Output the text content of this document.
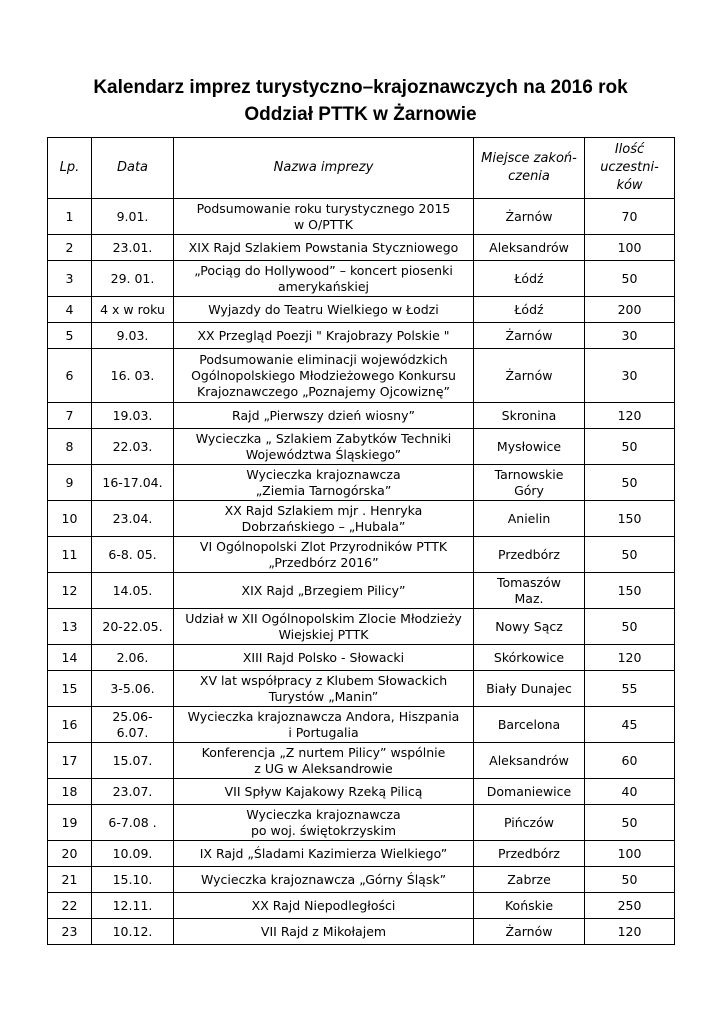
Kalendarz imprez turystyczno–krajoznawczych na 2016 rok
Oddział PTTK w Żarnowie
Lp.	Data	Nazwa imprezy	Miejsce zakoń-
czenia	Ilość
uczestni-
ków
1	9.01.	Podsumowanie roku turystycznego 2015
w O/PTTK	Żarnów	70
2	23.01.	XIX Rajd Szlakiem Powstania Styczniowego	Aleksandrów	100
3	29. 01.	„Pociąg do Hollywood” – koncert piosenki
amerykańskiej	Łódź	50
4	4 x w roku	Wyjazdy do Teatru Wielkiego w Łodzi	Łódź	200
5	9.03.	XX Przegląd Poezji " Krajobrazy Polskie "	Żarnów	30
6	16. 03.	Podsumowanie eliminacji wojewódzkich
Ogólnopolskiego Młodzieżowego Konkursu
Krajoznawczego „Poznajemy Ojcowiznę”	Żarnów	30
7	19.03.	Rajd „Pierwszy dzień wiosny”	Skronina	120
8	22.03.	Wycieczka „ Szlakiem Zabytków Techniki
Województwa Śląskiego”	Mysłowice	50
9	16-17.04.	Wycieczka krajoznawcza
„Ziemia Tarnogórska”	Tarnowskie
Góry	50
10	23.04.	XX Rajd Szlakiem mjr . Henryka
Dobrzańskiego – „Hubala”	Anielin	150
11	6-8. 05.	VI Ogólnopolski Zlot Przyrodników PTTK
„Przedbórz 2016”	Przedbórz	50
12	14.05.	XIX Rajd „Brzegiem Pilicy”	Tomaszów
Maz.	150
13	20-22.05.	Udział w XII Ogólnopolskim Zlocie Młodzieży
Wiejskiej PTTK	Nowy Sącz	50
14	2.06.	XIII Rajd Polsko - Słowacki	Skórkowice	120
15	3-5.06.	XV lat współpracy z Klubem Słowackich
Turystów „Manin”	Biały Dunajec	55
16	25.06-
6.07.	Wycieczka krajoznawcza Andora, Hiszpania
i Portugalia	Barcelona	45
17	15.07.	Konferencja „Z nurtem Pilicy” wspólnie
z UG w Aleksandrowie	Aleksandrów	60
18	23.07.	VII Spływ Kajakowy Rzeką Pilicą	Domaniewice	40
19	6-7.08 .	Wycieczka krajoznawcza
po woj. świętokrzyskim	Pińczów	50
20	10.09.	IX Rajd „Śladami Kazimierza Wielkiego”	Przedbórz	100
21	15.10.	Wycieczka krajoznawcza „Górny Śląsk”	Zabrze	50
22	12.11.	XX Rajd Niepodległości	Końskie	250
23	10.12.	VII Rajd z Mikołajem	Żarnów	120
